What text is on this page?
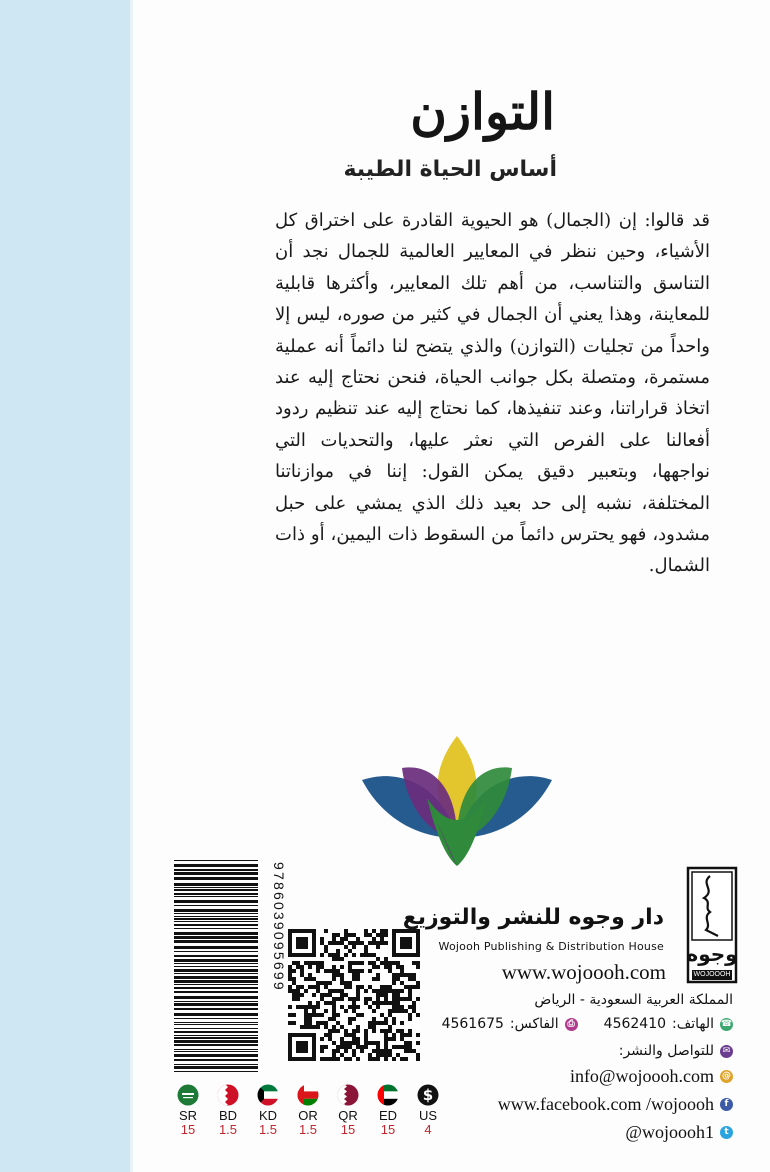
التوازن
أساس الحياة الطيبة
قد قالوا: إن (الجمال) هو الحيوية القادرة على اختراق كل الأشياء، وحين ننظر في المعايير العالمية للجمال نجد أن التناسق والتناسب، من أهم تلك المعايير، وأكثرها قابلية للمعاينة، وهذا يعني أن الجمال في كثير من صوره، ليس إلا واحداً من تجليات (التوازن) والذي يتضح لنا دائماً أنه عملية مستمرة، ومتصلة بكل جوانب الحياة، فنحن نحتاج إليه عند اتخاذ قراراتنا، وعند تنفيذها، كما نحتاج إليه عند تنظيم ردود أفعالنا على الفرص التي نعثر عليها، والتحديات التي نواجهها، وبتعبير دقيق يمكن القول: إننا في موازناتنا المختلفة، نشبه إلى حد بعيد ذلك الذي يمشي على حبل مشدود، فهو يحترس دائماً من السقوط ذات اليمين، أو ذات الشمال.
9786039095699	وجوه
WOJOOOH
دار وجوه للنشر والتوزيع
Wojooh Publishing & Distribution House
www.wojoooh.com
المملكة العربية السعودية - الرياض
☎
الهاتف:
4562410
⎙
الفاكس:
4561675
✉
للتواصل والنشر:
info@wojoooh.com @
www.facebook.com /wojoooh	f
@wojoooh1	t
SR
15
BD
1.5
KD
1.5
OR
1.5
QR
15
ED
15
$
US
4
